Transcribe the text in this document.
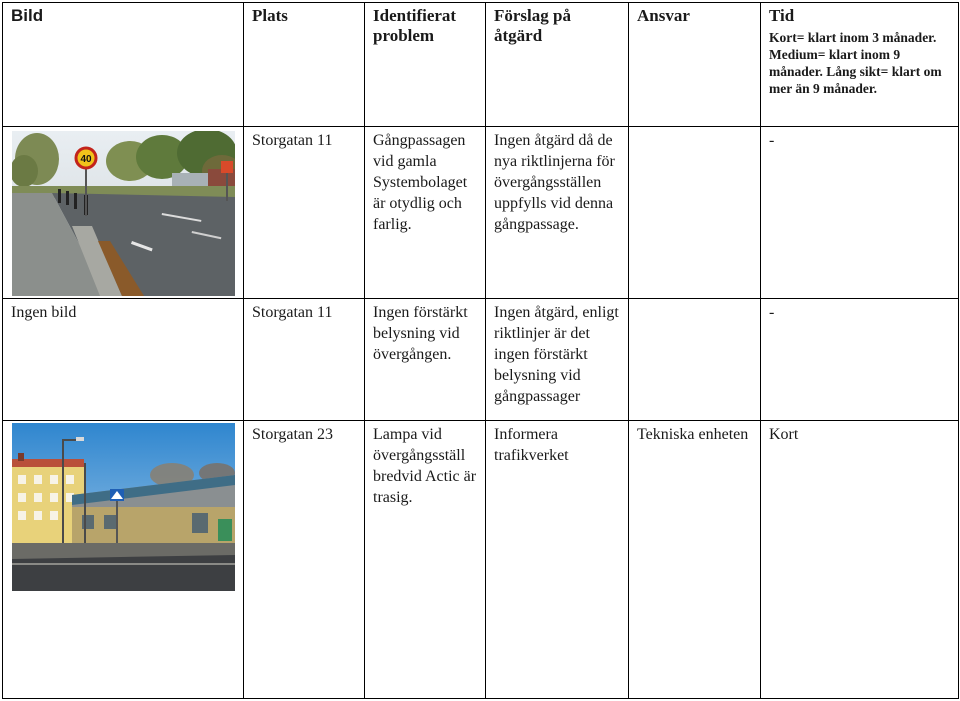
Bild	Plats	Identifierat problem	Förslag på åtgärd	Ansvar	Tid
Kort= klart inom 3 månader. Medium= klart inom 9 månader. Lång sikt= klart om mer än 9 månader.

40	Storgatan 11	Gångpassagen vid gamla Systembolaget är otydlig och farlig.	Ingen åtgärd då de nya riktlinjerna för övergångsställen uppfylls vid denna gångpassage.		-
Ingen bild	Storgatan 11	Ingen förstärkt belysning vid övergången.	Ingen åtgärd, enligt riktlinjer är det ingen förstärkt belysning vid gångpassager		-

	Storgatan 23	Lampa vid övergångsställ bredvid Actic är trasig.	Informera trafikverket	Tekniska enheten	Kort
